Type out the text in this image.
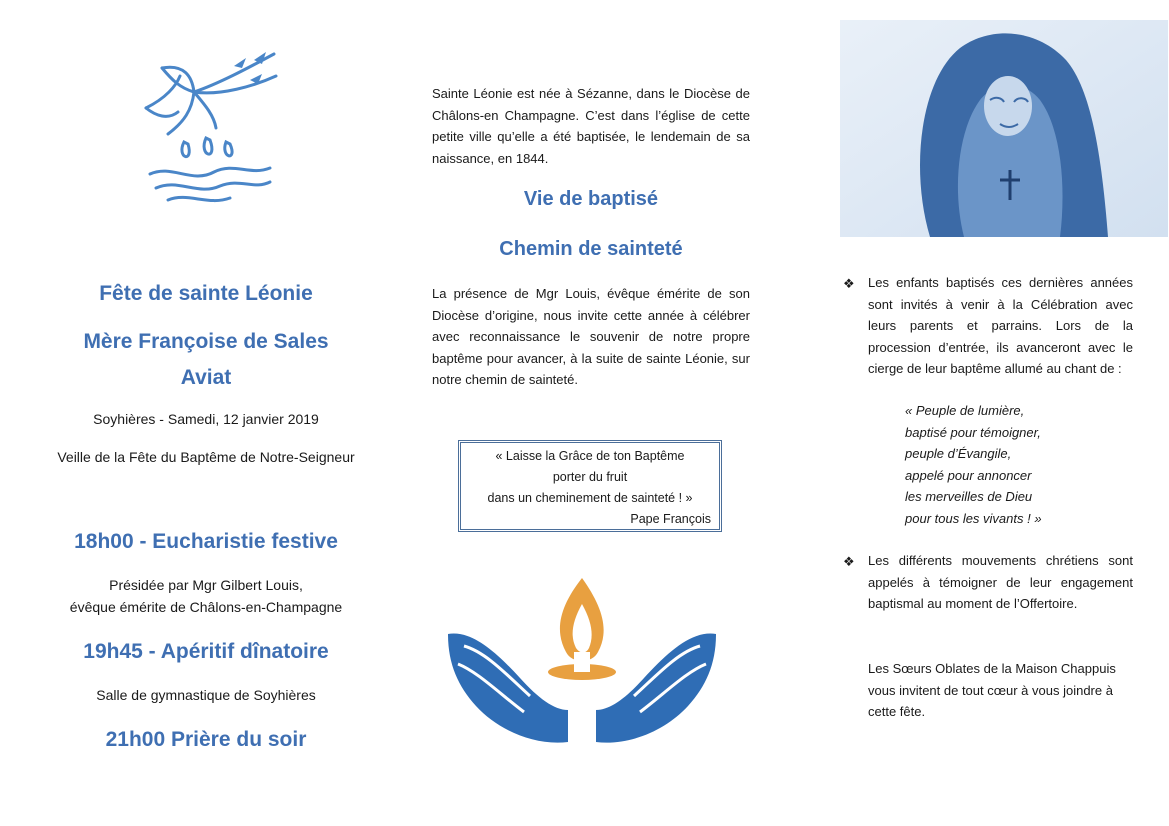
Fête de sainte Léonie
Mère Françoise de Sales
Aviat
Soyhières - Samedi, 12 janvier 2019
Veille de la Fête du Baptême de Notre-Seigneur
18h00 - Eucharistie festive
Présidée par Mgr Gilbert Louis,
évêque émérite de Châlons-en-Champagne
19h45 - Apéritif dînatoire
Salle de gymnastique de Soyhières
21h00 Prière du soir
Sainte Léonie est née à Sézanne, dans le Diocèse de Châlons-en Champagne. C’est dans l’église de cette petite ville qu’elle a été baptisée, le lendemain de sa naissance, en 1844.
Vie de baptisé
Chemin de sainteté
La présence de Mgr Louis, évêque émérite de son Diocèse d’origine, nous invite cette année à célébrer avec reconnaissance le souvenir de notre propre baptême pour avancer, à la suite de sainte Léonie, sur notre chemin de sainteté.
« Laisse la Grâce de ton Baptême
porter du fruit
dans un cheminement de sainteté ! »
Pape François
❖	Les enfants baptisés ces dernières années sont invités à venir à la Célébration avec leurs parents et parrains. Lors de la procession d’entrée, ils avanceront avec le cierge de leur baptême allumé au chant de :
« Peuple de lumière,
baptisé pour témoigner,
peuple d’Évangile,
appelé pour annoncer
les merveilles de Dieu
pour tous les vivants ! »
❖	Les différents mouvements chrétiens sont appelés à témoigner de leur engagement baptismal au moment de l’Offertoire.
Les Sœurs Oblates de la Maison Chappuis vous invitent de tout cœur à vous joindre à cette fête.
